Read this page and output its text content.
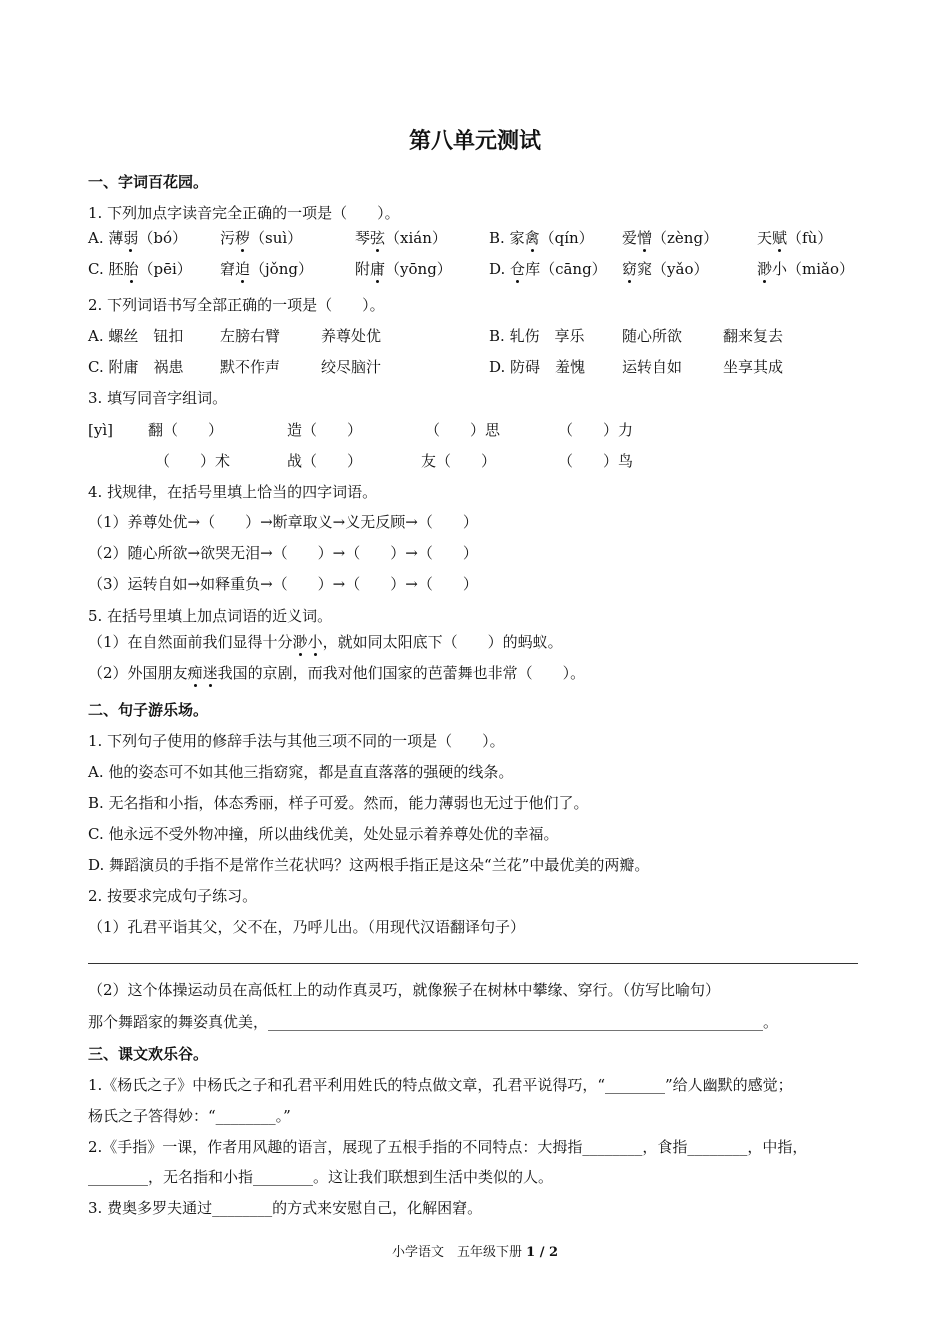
第八单元测试
一、字词百花园。
1. 下列加点字读音完全正确的一项是（　　）。
A. 薄弱（bó） 污秽（suì）	琴弦（xián）	B. 家禽（qín） 爱憎（zèng）	天赋（fù）
C. 胚胎（pēi） 窘迫（jǒng）	附庸（yōng） D. 仓库（cāng） 窈窕（yǎo）	渺小（miǎo）
2. 下列词语书写全部正确的一项是（　　）。
A. 螺丝　钮扣 左膀右臂	养尊处优	B. 轧伤　享乐 随心所欲	翻来复去
C. 附庸　祸患 默不作声	绞尽脑汁	D. 防碍　羞愧 运转自如	坐享其成
3. 填写同音字组词。
[yì] 翻（　　）	造（　　）	（　　）思	（　　）力
（　　）术	战（　　）	友（　　）	（　　）鸟
4. 找规律，在括号里填上恰当的四字词语。
（1）养尊处优→（　　）→断章取义→义无反顾→（　　）
（2）随心所欲→欲哭无泪→（　　）→（　　）→（　　）
（3）运转自如→如释重负→（　　）→（　　）→（　　）
5. 在括号里填上加点词语的近义词。
（1）在自然面前我们显得十分渺小，就如同太阳底下（　　）的蚂蚁。
（2）外国朋友痴迷我国的京剧，而我对他们国家的芭蕾舞也非常（　　）。
二、句子游乐场。
1. 下列句子使用的修辞手法与其他三项不同的一项是（　　）。
A. 他的姿态可不如其他三指窈窕，都是直直落落的强硬的线条。
B. 无名指和小指，体态秀丽，样子可爱。然而，能力薄弱也无过于他们了。
C. 他永远不受外物冲撞，所以曲线优美，处处显示着养尊处优的幸福。
D. 舞蹈演员的手指不是常作兰花状吗？这两根手指正是这朵“兰花”中最优美的两瓣。
2. 按要求完成句子练习。
（1）孔君平诣其父，父不在，乃呼儿出。（用现代汉语翻译句子）
（2）这个体操运动员在高低杠上的动作真灵巧，就像猴子在树林中攀缘、穿行。（仿写比喻句）
那个舞蹈家的舞姿真优美，__________________________________________________________________。
三、课文欢乐谷。
1.《杨氏之子》中杨氏之子和孔君平利用姓氏的特点做文章，孔君平说得巧，“________”给人幽默的感觉；
杨氏之子答得妙：“________。”
2.《手指》一课，作者用风趣的语言，展现了五根手指的不同特点：大拇指________，食指________，中指，
________，无名指和小指________。这让我们联想到生活中类似的人。
3. 费奥多罗夫通过________的方式来安慰自己，化解困窘。
小学语文　五年级下册 1 / 2
